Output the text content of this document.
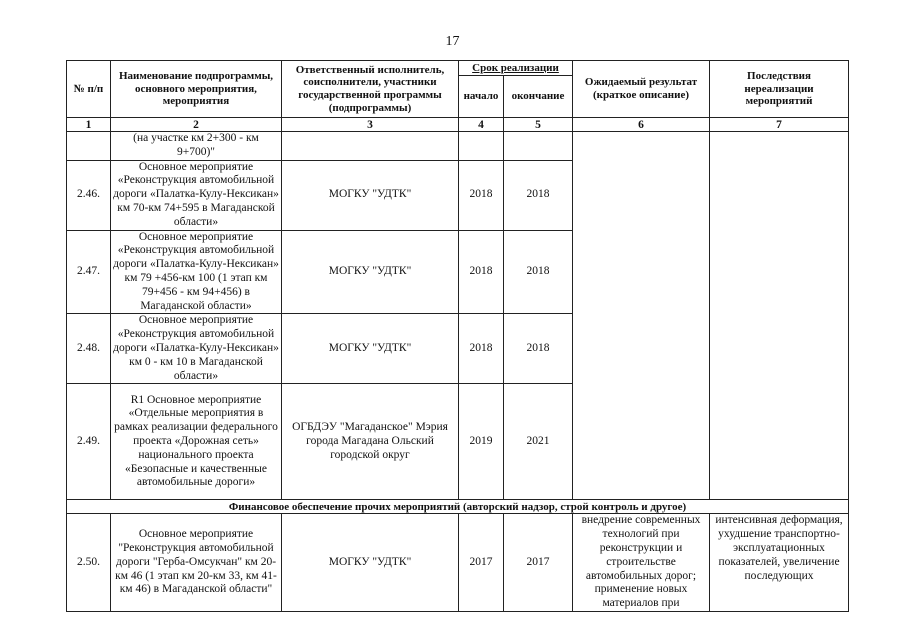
17
№ п/п	Наименование подпрограммы, основного мероприятия, мероприятия	Ответственный исполнитель, соисполнители, участники государственной программы (подпрограммы)	Срок реализации		Ожидаемый результат (краткое описание)	Последствия нереализации мероприятий
			начало	окончание		
1	2	3	4	5	6	7
	(на участке км 2+300 - км 9+700)"					
2.46.	Основное мероприятие «Реконструкция автомобильной дороги «Палатка-Кулу-Нексикан» км 70-км 74+595 в Магаданской области»	МОГКУ "УДТК"	2018	2018		
2.47.	Основное мероприятие «Реконструкция автомобильной дороги «Палатка-Кулу-Нексикан» км 79 +456-км 100 (1 этап км 79+456 - км 94+456) в Магаданской области»	МОГКУ "УДТК"	2018	2018		
2.48.	Основное мероприятие «Реконструкция автомобильной дороги «Палатка-Кулу-Нексикан» км 0 - км 10 в Магаданской области»	МОГКУ "УДТК"	2018	2018		
2.49.	R1 Основное мероприятие «Отдельные мероприятия в рамках реализации федерального проекта «Дорожная сеть» национального проекта «Безопасные и качественные автомобильные дороги»	ОГБДЭУ "Магаданское" Мэрия города Магадана Ольский городской округ	2019	2021		
Финансовое обеспечение прочих мероприятий (авторский надзор, строй контроль и другое)						
2.50.	Основное мероприятие "Реконструкция автомобильной дороги "Герба-Омсукчан" км 20-км 46 (1 этап км 20-км 33, км 41-км 46) в Магаданской области"	МОГКУ "УДТК"	2017	2017	внедрение современных технологий при реконструкции и строительстве автомобильных дорог; применение новых материалов при	интенсивная деформация, ухудшение транспортно-эксплуатационных показателей, увеличение последующих
